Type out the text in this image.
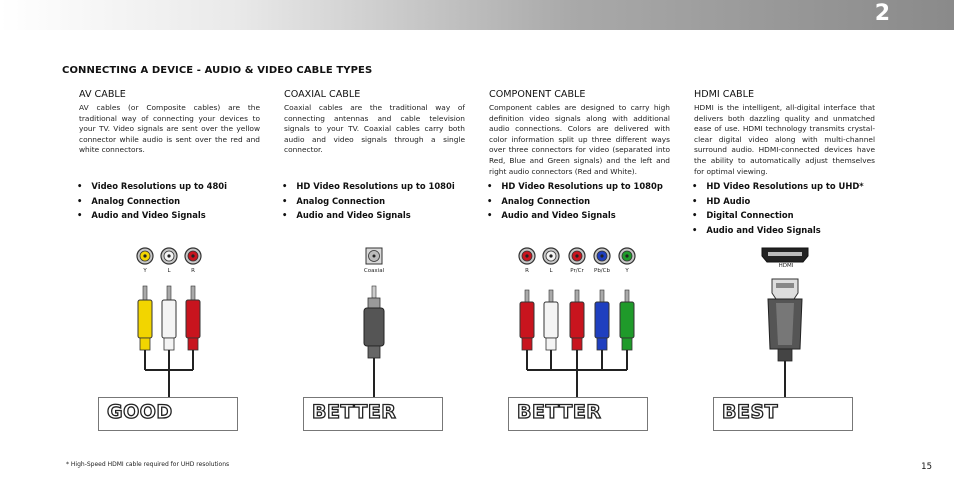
2
CONNECTING A DEVICE - AUDIO & VIDEO CABLE TYPES
AV CABLE

AV cables (or Composite cables) are the traditional way of connecting your devices to your TV. Video signals are sent over the yellow connector while audio is sent over the red and white connectors.

• Video Resolutions up to 480i
• Analog Connection
• Audio and Video Signals
COAXIAL CABLE

Coaxial cables are the traditional way of connecting antennas and cable television signals to your TV. Coaxial cables carry both audio and video signals through a single connector.

• HD Video Resolutions up to 1080i
• Analog Connection
• Audio and Video Signals
COMPONENT CABLE

Component cables are designed to carry high definition video signals along with additional audio connections. Colors are delivered with color information split up three different ways over three connectors for video (separated into Red, Blue and Green signals) and the left and right audio connectors (Red and White).

• HD Video Resolutions up to 1080p
• Analog Connection
• Audio and Video Signals
HDMI CABLE

HDMI is the intelligent, all-digital interface that delivers both dazzling quality and unmatched ease of use. HDMI technology transmits crystal-clear digital video along with multi-channel surround audio. HDMI-connected devices have the ability to automatically adjust themselves for optimal viewing.

• HD Video Resolutions up to UHD*
• HD Audio
• Digital Connection
• Audio and Video Signals
Y	L	R	Coaxial	R	L	Pr/Cr	Pb/Cb	Y
HDMI
GOOD	BETTER	BETTER	BEST
* High-Speed HDMI cable required for UHD resolutions	15
